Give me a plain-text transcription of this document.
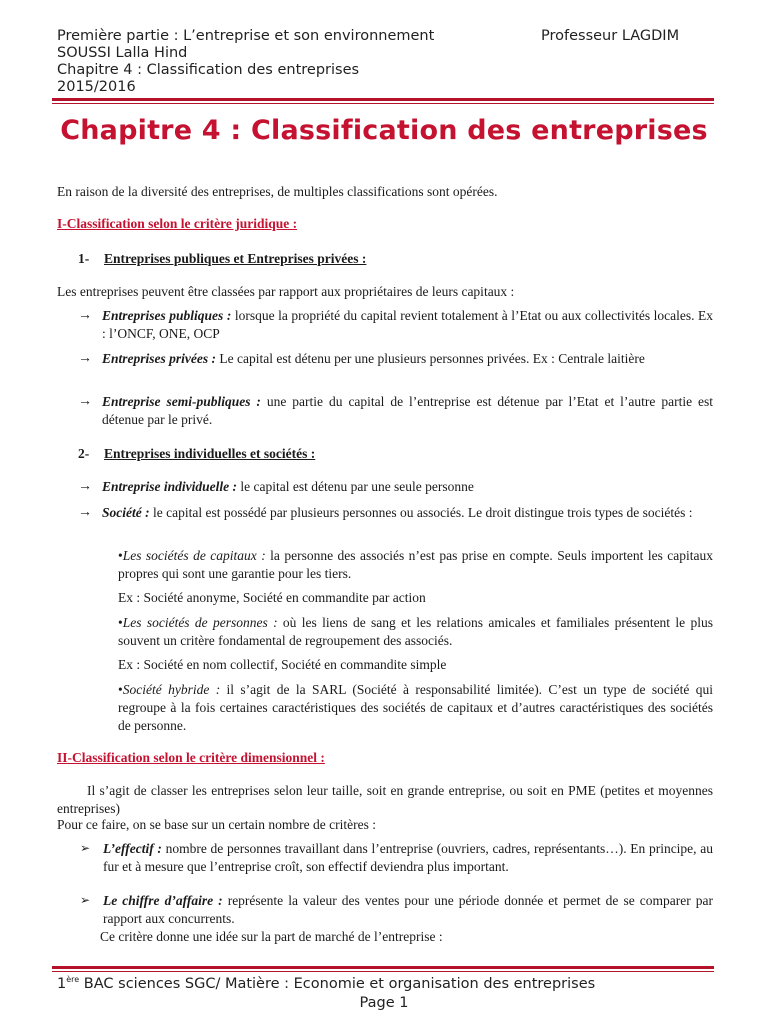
Première partie : L’entreprise et son environnement	Professeur LAGDIM
SOUSSI Lalla Hind
Chapitre 4 : Classification des entreprises
2015/2016
Chapitre 4 : Classification des entreprises
En raison de la diversité des entreprises, de multiples classifications sont opérées.
I-Classification selon le critère juridique :
1- Entreprises publiques et Entreprises privées :
Les entreprises peuvent être classées par rapport aux propriétaires de leurs capitaux :
→ Entreprises publiques : lorsque la propriété du capital revient totalement à l’Etat ou aux collectivités locales. Ex : l’ONCF, ONE, OCP
→ Entreprises privées : Le capital est détenu per une plusieurs personnes privées. Ex : Centrale laitière
→ Entreprise semi-publiques : une partie du capital de l’entreprise est détenue par l’Etat et l’autre partie est détenue par le privé.
2- Entreprises individuelles et sociétés :
→ Entreprise individuelle : le capital est détenu par une seule personne
→ Société : le capital est possédé par plusieurs personnes ou associés. Le droit distingue trois types de sociétés :
•Les sociétés de capitaux : la personne des associés n’est pas prise en compte. Seuls importent les capitaux propres qui sont une garantie pour les tiers.
Ex : Société anonyme, Société en commandite par action
•Les sociétés de personnes : où les liens de sang et les relations amicales et familiales présentent le plus souvent un critère fondamental de regroupement des associés.
Ex : Société en nom collectif, Société en commandite simple
•Société hybride : il s’agit de la SARL (Société à responsabilité limitée). C’est un type de société qui regroupe à la fois certaines caractéristiques des sociétés de capitaux et d’autres caractéristiques des sociétés de personne.
II-Classification selon le critère dimensionnel :
Il s’agit de classer les entreprises selon leur taille, soit en grande entreprise, ou soit en PME (petites et moyennes entreprises)
Pour ce faire, on se base sur un certain nombre de critères :
➢ L’effectif : nombre de personnes travaillant dans l’entreprise (ouvriers, cadres, représentants…). En principe, au fur et à mesure que l’entreprise croît, son effectif deviendra plus important.
➢ Le chiffre d’affaire : représente la valeur des ventes pour une période donnée et permet de se comparer par rapport aux concurrents.
Ce critère donne une idée sur la part de marché de l’entreprise :
1ère BAC sciences SGC/ Matière : Economie et organisation des entreprises
Page 1
